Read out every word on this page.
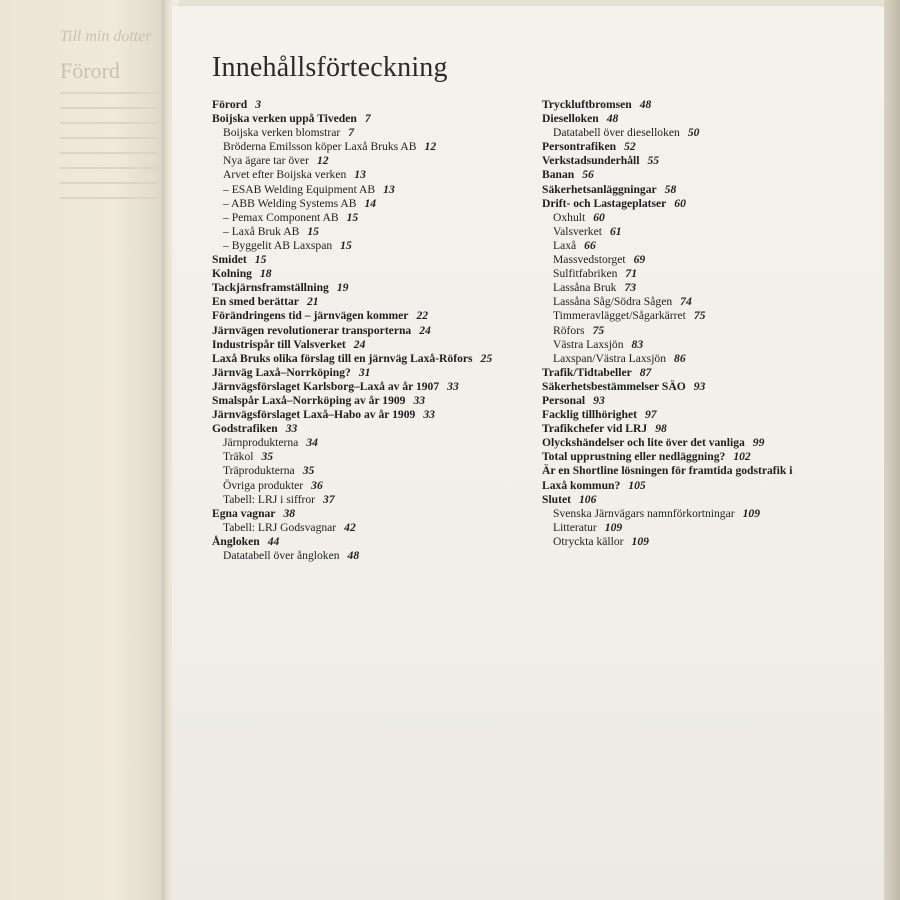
Till min dotter
Förord	Innehållsförteckning
Förord 3
Boijska verken uppå Tiveden 7
Boijska verken blomstrar 7
Bröderna Emilsson köper Laxå Bruks AB 12
Nya ägare tar över 12
Arvet efter Boijska verken 13
– ESAB Welding Equipment AB 13
– ABB Welding Systems AB 14
– Pemax Component AB 15
– Laxå Bruk AB 15
– Byggelit AB Laxspan 15
Smidet 15
Kolning 18
Tackjärnsframställning 19
En smed berättar 21
Förändringens tid – järnvägen kommer 22
Järnvägen revolutionerar transporterna 24
Industrispår till Valsverket 24
Laxå Bruks olika förslag till en järnväg Laxå-Röfors 25
Järnväg Laxå–Norrköping? 31
Järnvägsförslaget Karlsborg–Laxå av år 1907 33
Smalspår Laxå–Norrköping av år 1909 33
Järnvägsförslaget Laxå–Habo av år 1909 33
Godstrafiken 33
Järnprodukterna 34
Träkol 35
Träprodukterna 35
Övriga produkter 36
Tabell: LRJ i siffror 37
Egna vagnar 38
Tabell: LRJ Godsvagnar 42
Ångloken 44
Datatabell över ångloken 48
Tryckluftbromsen 48
Dieselloken 48
Datatabell över dieselloken 50
Persontrafiken 52
Verkstadsunderhåll 55
Banan 56
Säkerhetsanläggningar 58
Drift- och Lastageplatser 60
Oxhult 60
Valsverket 61
Laxå 66
Massvedstorget 69
Sulfitfabriken 71
Lassåna Bruk 73
Lassåna Såg/Södra Sågen 74
Timmeravlägget/Sågarkärret 75
Röfors 75
Västra Laxsjön 83
Laxspan/Västra Laxsjön 86
Trafik/Tidtabeller 87
Säkerhetsbestämmelser SÄO 93
Personal 93
Facklig tillhörighet 97
Trafikchefer vid LRJ 98
Olyckshändelser och lite över det vanliga 99
Total upprustning eller nedläggning? 102
Är en Shortline lösningen för framtida godstrafik i
Laxå kommun? 105
Slutet 106
Svenska Järnvägars namnförkortningar 109
Litteratur 109
Otryckta källor 109
